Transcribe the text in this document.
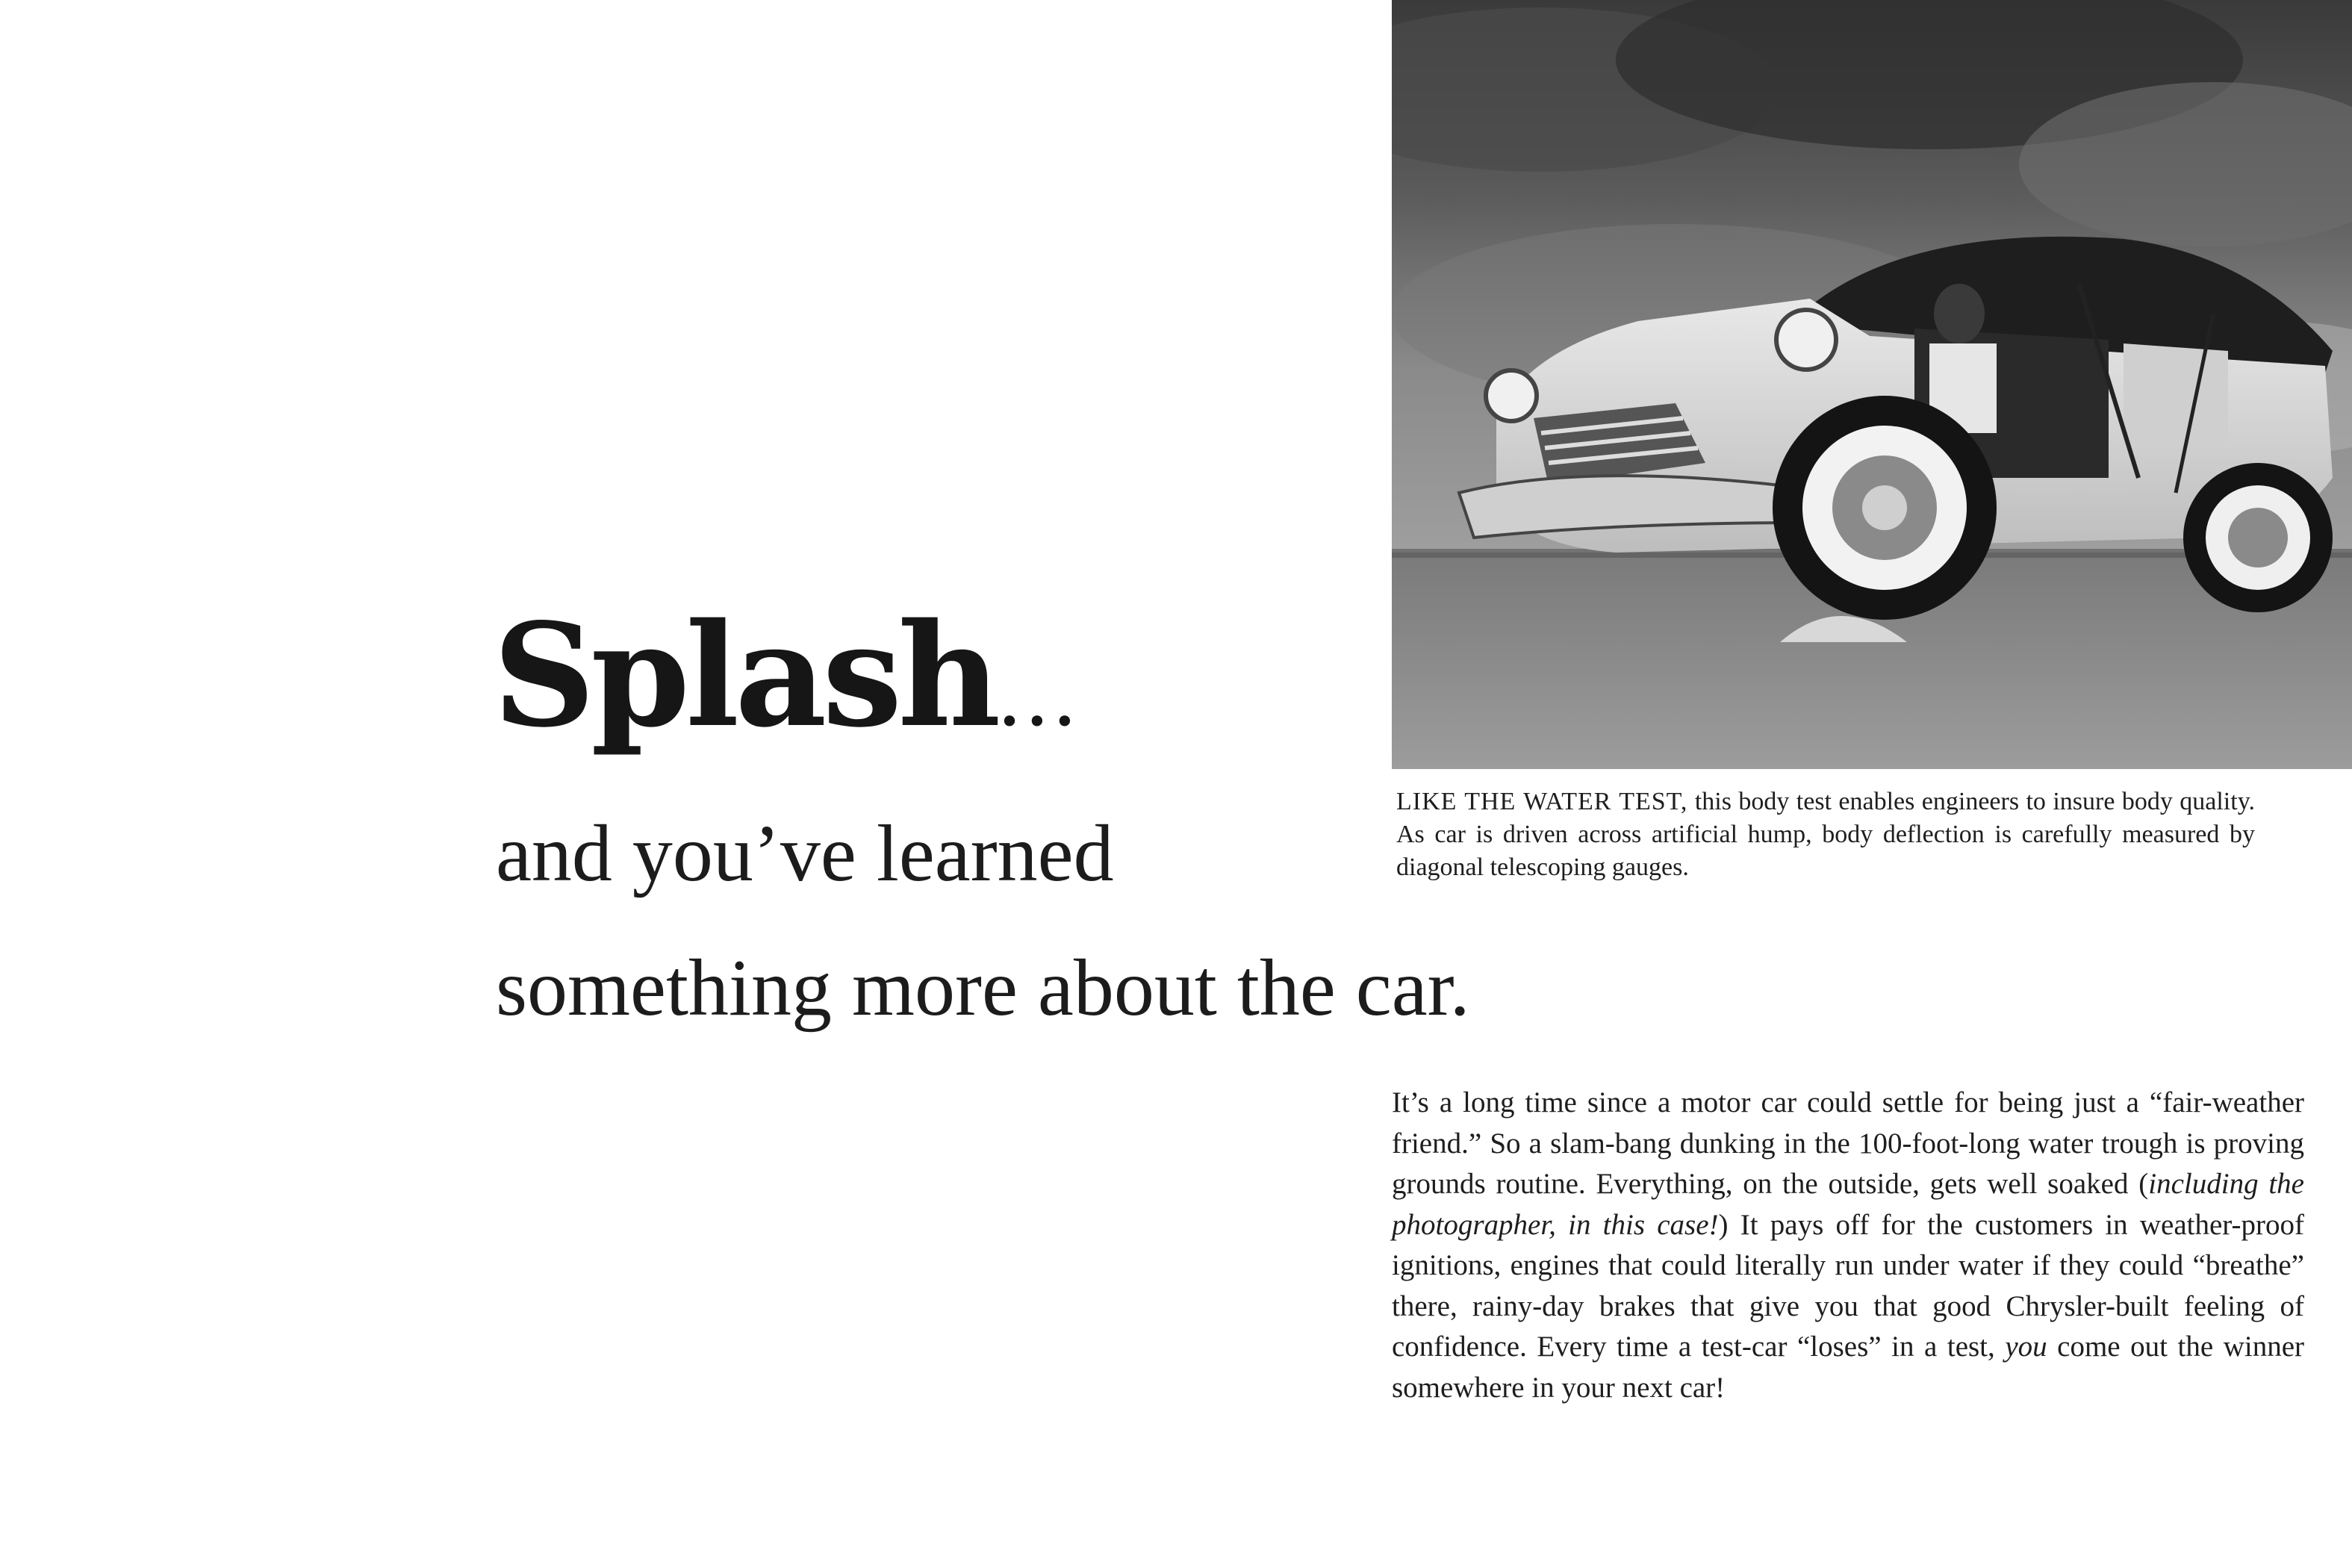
Splash...
and you’ve learned
something more about the car.
LIKE THE WATER TEST, this body test enables engineers to insure body quality. As car is driven across artificial hump, body deflection is carefully measured by diagonal telescoping gauges.
It’s a long time since a motor car could settle for being just a “fair-weather friend.” So a slam-bang dunking in the 100-foot-long water trough is proving grounds routine. Everything, on the outside, gets well soaked (including the photographer, in this case!) It pays off for the customers in weather-proof ignitions, engines that could literally run under water if they could “breathe” there, rainy-day brakes that give you that good Chrysler-built feeling of confidence. Every time a test-car “loses” in a test, you come out the winner somewhere in your next car!
